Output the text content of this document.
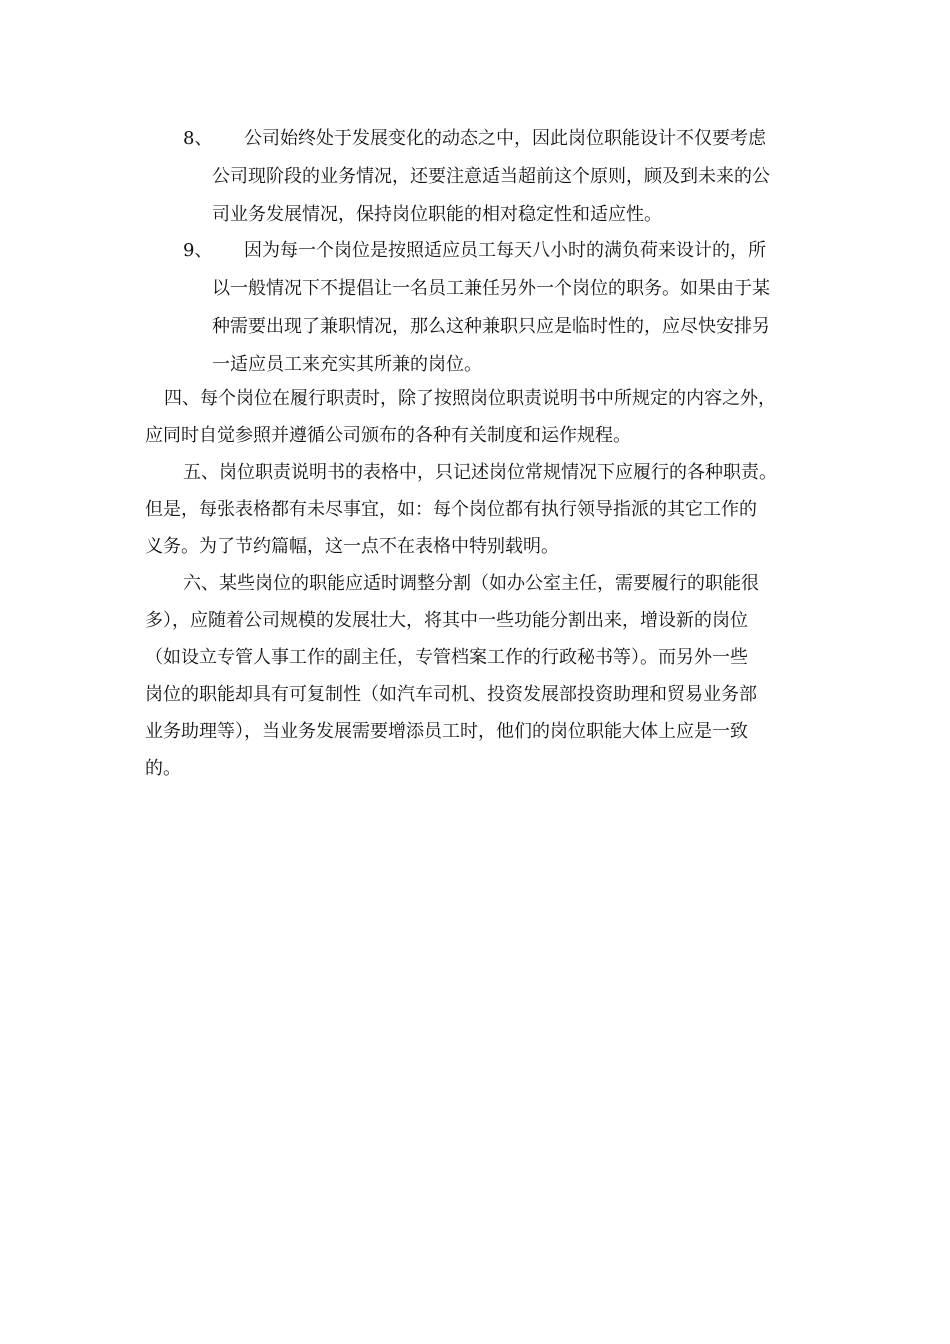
8、 公司始终处于发展变化的动态之中，因此岗位职能设计不仅要考虑
公司现阶段的业务情况，还要注意适当超前这个原则，顾及到未来的公
司业务发展情况，保持岗位职能的相对稳定性和适应性。
9、 因为每一个岗位是按照适应员工每天八小时的满负荷来设计的，所
以一般情况下不提倡让一名员工兼任另外一个岗位的职务。如果由于某
种需要出现了兼职情况，那么这种兼职只应是临时性的，应尽快安排另
一适应员工来充实其所兼的岗位。
四、每个岗位在履行职责时，除了按照岗位职责说明书中所规定的内容之外，
应同时自觉参照并遵循公司颁布的各种有关制度和运作规程。
五、岗位职责说明书的表格中，只记述岗位常规情况下应履行的各种职责。
但是，每张表格都有未尽事宜，如：每个岗位都有执行领导指派的其它工作的
义务。为了节约篇幅，这一点不在表格中特别载明。
六、某些岗位的职能应适时调整分割（如办公室主任，需要履行的职能很
多），应随着公司规模的发展壮大，将其中一些功能分割出来，增设新的岗位
（如设立专管人事工作的副主任，专管档案工作的行政秘书等）。而另外一些
岗位的职能却具有可复制性（如汽车司机、投资发展部投资助理和贸易业务部
业务助理等），当业务发展需要增添员工时，他们的岗位职能大体上应是一致
的。
